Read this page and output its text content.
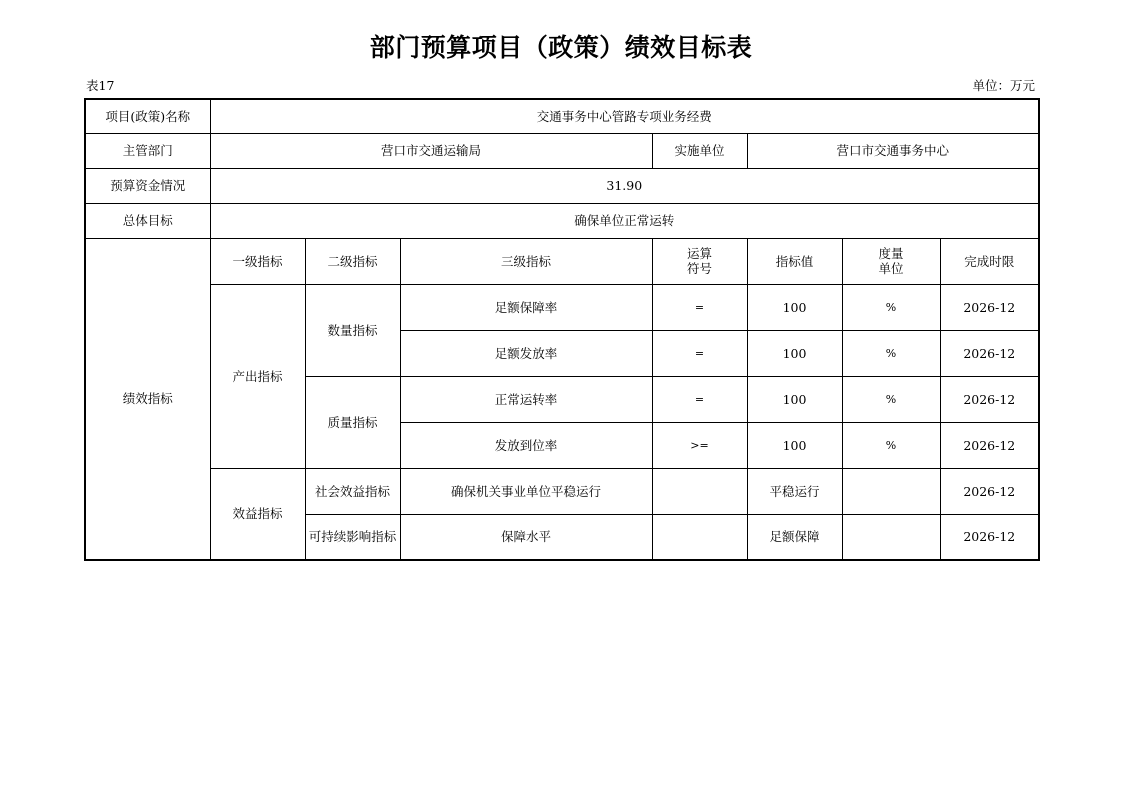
部门预算项目（政策）绩效目标表
表17	单位：万元
项目(政策)名称	交通事务中心管路专项业务经费						
主管部门	营口市交通运输局			实施单位	营口市交通事务中心		
预算资金情况	31.90						
总体目标	确保单位正常运转						
绩效指标	一级指标	二级指标	三级指标	运算符号	指标值	度量单位	完成时限
	产出指标	数量指标	足额保障率	=	100	%	2026-12
			足额发放率	=	100	%	2026-12
		质量指标	正常运转率	=	100	%	2026-12
			发放到位率	>=	100	%	2026-12
	效益指标	社会效益指标	确保机关事业单位平稳运行		平稳运行		2026-12
		可持续影响指标	保障水平		足额保障		2026-12
